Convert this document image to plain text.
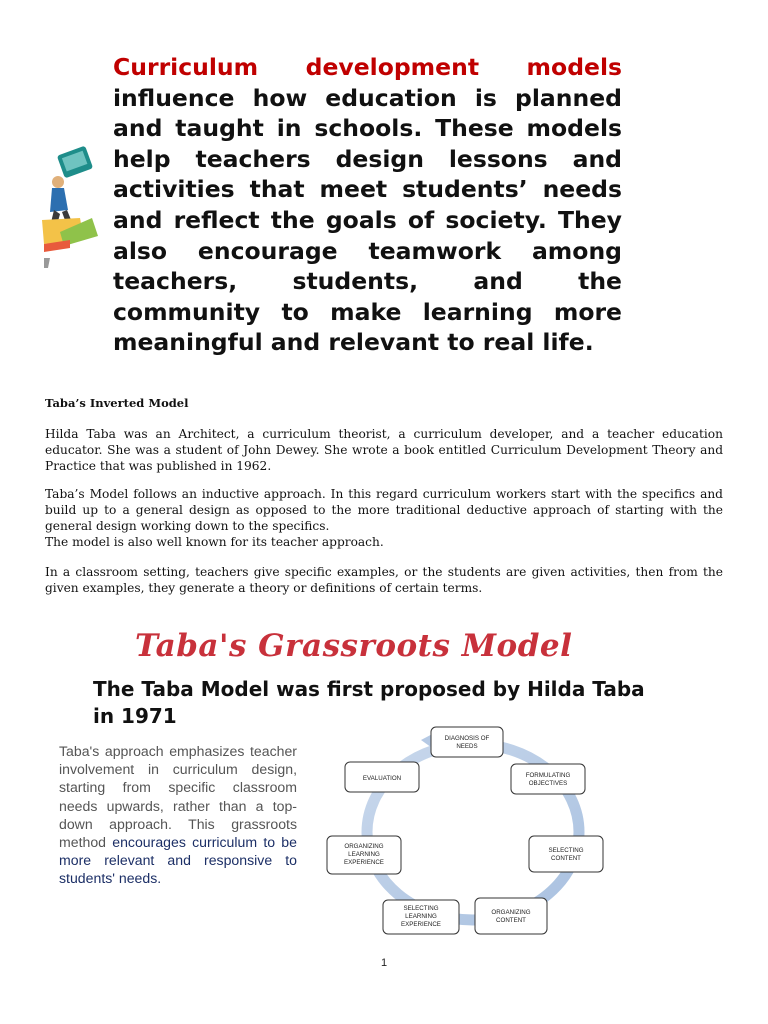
Curriculum development models influence how education is planned and taught in schools. These models help teachers design lessons and activities that meet students’ needs and reflect the goals of society. They also encourage teamwork among teachers, students, and the community to make learning more meaningful and relevant to real life.
Taba’s Inverted Model
Hilda Taba was an Architect, a curriculum theorist, a curriculum developer, and a teacher education educator. She was a student of John Dewey. She wrote a book entitled Curriculum Development Theory and Practice that was published in 1962.
Taba’s Model follows an inductive approach. In this regard curriculum workers start with the specifics and build up to a general design as opposed to the more traditional deductive approach of starting with the general design working down to the specifics.
The model is also well known for its teacher approach.
In a classroom setting, teachers give specific examples, or the students are given activities, then from the given examples, they generate a theory or definitions of certain terms.
Taba's Grassroots Model
The Taba Model was first proposed by Hilda Taba in 1971
Taba's approach emphasizes teacher involvement in curriculum design, starting from specific classroom needs upwards, rather than a top-down approach. This grassroots method encourages curriculum to be more relevant and responsive to students' needs.
DIAGNOSIS OF
NEEDS
FORMULATING
OBJECTIVES
SELECTING
CONTENT
ORGANIZING
CONTENT
SELECTING
LEARNING
EXPERIENCE
ORGANIZING
LEARNING
EXPERIENCE
EVALUATION
1
